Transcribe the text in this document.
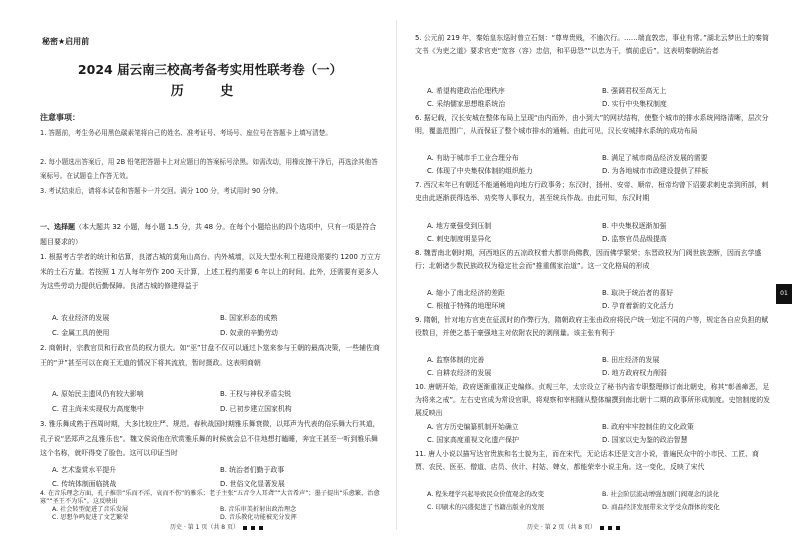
秘密★启用前
2024 届云南三校高考备考实用性联考卷（一）
历 史
注意事项：
1. 答题前，考生务必用黑色碳素笔将自己的姓名、准考证号、考场号、座位号在答题卡上填写清楚。
2. 每小题选出答案后，用 2B 铅笔把答题卡上对应题目的答案标号涂黑。如需改动，用橡皮擦干净后，再选涂其他答案标号。在试题卷上作答无效。
3. 考试结束后，请将本试卷和答题卡一并交回。满分 100 分，考试用时 90 分钟。
一、选择题（本大题共 32 小题，每小题 1.5 分，共 48 分。在每个小题给出的四个选项中，只有一项是符合题目要求的）
1. 根据考古学者的统计和估算，良渚古城的莫角山高台、内外城墙，以及大型水利工程建设需要约 1200 万立方米的土石方量。若按照 1 万人每年劳作 200 天计算，上述工程约需要 6 年以上的时间。此外，还需要有更多人为这些劳动力提供后勤保障。良渚古城的修建得益于
A. 农业经济的发展	B. 国家形态的成熟
C. 金属工具的使用	D. 奴隶的辛勤劳动
2. 商朝时，宗教官员和行政官员的权力很大。如“巫”甘盘不仅可以通过卜筮来参与王朝的最高决策，一些辅佐商王的“尹”甚至可以在商王无道的情况下将其流放，暂时摄政。这表明商朝
A. 原始民主遗风仍有较大影响	B. 王权与神权矛盾尖锐
C. 君主尚未实现权力高度集中	D. 已初步建立国家机构
3. 雅乐舞成熟于西周时期，大多比较庄严、规范。春秋战国时期雅乐舞衰微，以郑声为代表的俗乐舞大行其道，孔子说“恶郑声之乱雅乐也”。魏文侯说他在欣赏雅乐舞的时候就会总不住地想打瞌睡，奔宜王甚至一听到雅乐舞这个名称，就吓得变了脸色。这可以印证当时
A. 艺术鉴赏水平提升	B. 统治者们勤于政事
C. 传统体制面临挑战	D. 世俗文化显著发展
4. 在音乐理念方面，孔子推崇“乐而不淫，哀而不伤”的雅乐；老子主张“五音令人耳聋”“大音希声”；墨子提出“乐愈繁，治愈寡”“圣王不为乐”。这反映出
A. 社会转型促进了音乐发展	B. 音乐审美折射出政治理念
C. 思想争鸣促进了文艺繁荣	D. 音乐教化功能被充分发挥
历史 · 第 1 页（共 8 页）
5. 公元前 219 年，秦始皇东巡时曾立石刻：“尊卑贵贱，不逾次行。……端直敦忠，事业有常。”湖北云梦出土的秦简文书《为吏之道》要求官吏“宽容（容）忠信，和平毋怨”“以忠为干，慎前虑后”。这表明秦朝统治者
A. 希望构建政治伦理秩序	B. 强调君权至高无上
C. 采纳儒家思想维系统治	D. 实行中央集权制度
6. 据记载，汉长安城在整体布局上呈现“由内而外，由小到大”的网状结构，使整个城市的排水系统网络清晰，层次分明，覆盖范围广，从而保证了整个城市排水的通畅。由此可见，汉长安城排水系统的成功布局
A. 有助于城市手工业合理分布	B. 满足了城市商品经济发展的需要
C. 体现了中央集权体制的组织能力	D. 为各地城市市政建设提供了样板
7. 西汉末年已有朝廷不能通畅地向地方行政事务；东汉时，扬州、安帝、顺帝、桓帝均曾下诏要求刺史亲到所部，刺史由此逐渐获得选举、劝奖等人事权力，甚至统兵作战。由此可知，东汉时期
A. 地方豪强受到压制	B. 中央集权逐渐加强
C. 刺史制度明显异化	D. 监察官员品级提高
8. 魏晋南北朝时期，河西地区的五凉政权着大都崇尚佛教，因而佛学繁荣；东晋政权为门阀世族垄断，因而玄学盛行；北朝诸少数民族政权为稳定社会而“推重儒家治道”。这一文化格局的形成
A. 缩小了南北经济的差距	B. 取决于统治者的喜好
C. 根植于特殊的地理环境	D. 孕育着新的文化活力
9. 隋朝，针对地方官吏在征派时的作弊行为，隋朝政府主张由政府将民户统一划定不同的户等，规定各自应负担的赋役数目，并使之基于豪强地主对依附农民的剥削量。该主张有利于
A. 监察体制的完善	B. 田庄经济的发展
C. 自耕农经济的发展	D. 地方政府权力削弱
10. 唐朝开始，政府逐渐重视正史编修。贞观三年，太宗设立了秘书内省专职整理修订南北朝史，称其“彰善瘅恶，足为将来之戒”。左右史官成为常设官职，将观察和宰相随从整体编撰到南北朝十二期的政事所形成制度。史馆制度的发展反映出
A. 官方历史编纂机制开始确立	B. 政府牢牢控制住的文化政策
C. 国家高度重视文化遗产保护	D. 国家以史为鉴的政治智慧
11. 唐人小说以描写达官贵族和名士貌为主，而在宋代，无论话本还是文言小说，普遍民众中的小市民、工匠、商贾、农民、医巫、僧道、店员、伙计、村姑、婢女，都能荣幸小说主角。这一变化，反映了宋代
A. 程朱理学兴起导致民众价值观念的改变	B. 社会阶层流动增强加剧门阀观念的淡化
C. 印刷术的兴盛促进了书籍出版业的发展	D. 商品经济发展带来文学受众群体的变化
历史 · 第 2 页（共 8 页）
01
